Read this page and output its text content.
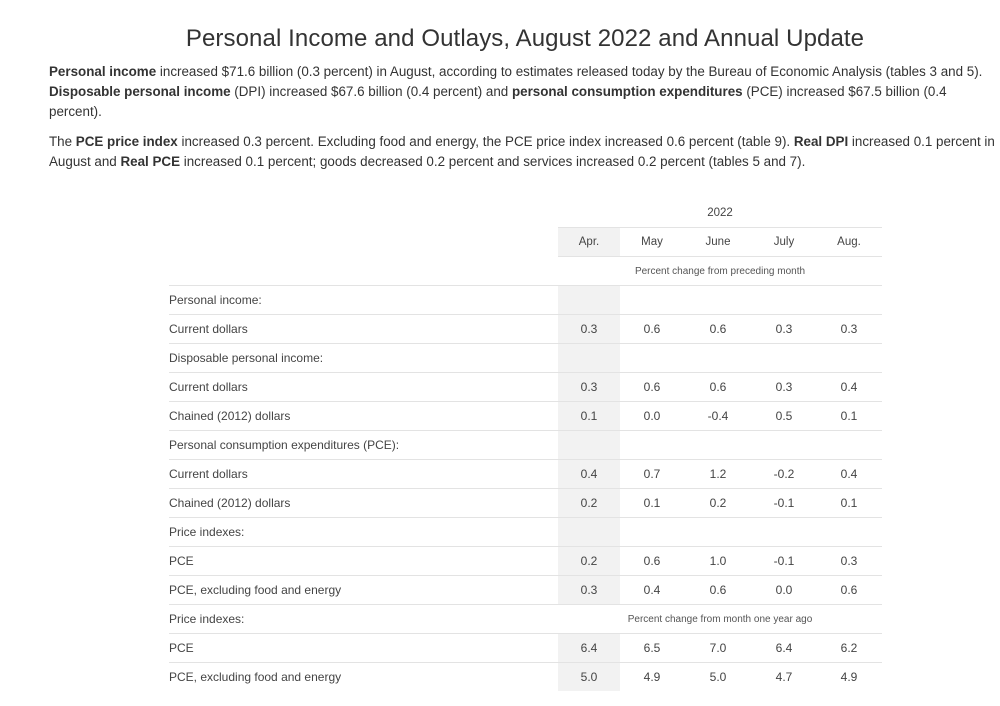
Personal Income and Outlays, August 2022 and Annual Update
Personal income increased $71.6 billion (0.3 percent) in August, according to estimates released today by the Bureau of Economic Analysis (tables 3 and 5). Disposable personal income (DPI) increased $67.6 billion (0.4 percent) and personal consumption expenditures (PCE) increased $67.5 billion (0.4 percent).
The PCE price index increased 0.3 percent. Excluding food and energy, the PCE price index increased 0.6 percent (table 9). Real DPI increased 0.1 percent in August and Real PCE increased 0.1 percent; goods decreased 0.2 percent and services increased 0.2 percent (tables 5 and 7).
	2022				
	Apr.	May	June	July	Aug.
	Percent change from preceding month				
Personal income:					
Current dollars	0.3	0.6	0.6	0.3	0.3
Disposable personal income:					
Current dollars	0.3	0.6	0.6	0.3	0.4
Chained (2012) dollars	0.1	0.0	-0.4	0.5	0.1
Personal consumption expenditures (PCE):					
Current dollars	0.4	0.7	1.2	-0.2	0.4
Chained (2012) dollars	0.2	0.1	0.2	-0.1	0.1
Price indexes:					
PCE	0.2	0.6	1.0	-0.1	0.3
PCE, excluding food and energy	0.3	0.4	0.6	0.0	0.6
Price indexes:	Percent change from month one year ago				
PCE	6.4	6.5	7.0	6.4	6.2
PCE, excluding food and energy	5.0	4.9	5.0	4.7	4.9
